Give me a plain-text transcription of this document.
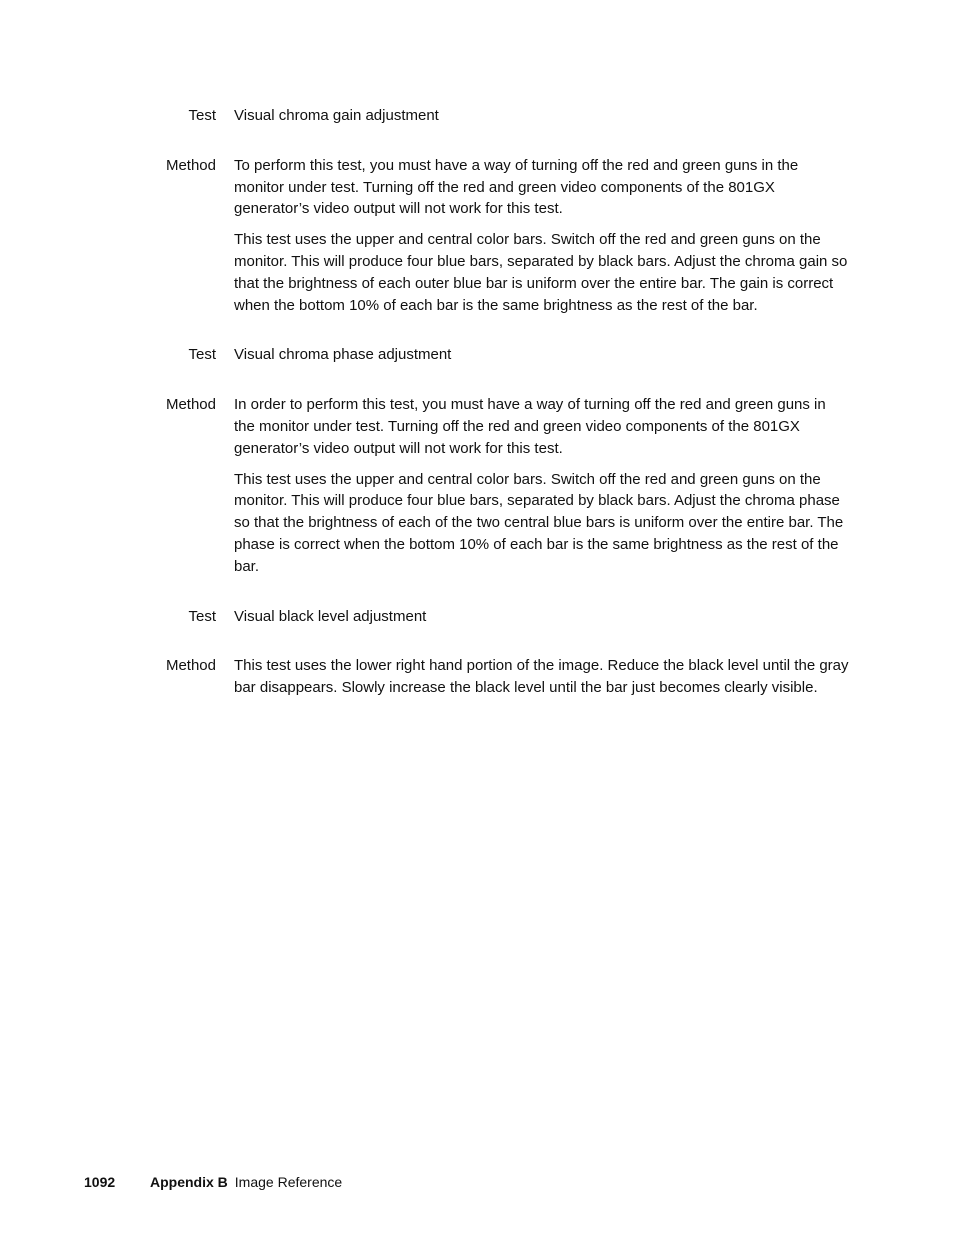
Test	Visual chroma gain adjustment
Method	To perform this test, you must have a way of turning off the red and green guns in the monitor under test. Turning off the red and green video components of the 801GX generator’s video output will not work for this test.

This test uses the upper and central color bars. Switch off the red and green guns on the monitor. This will produce four blue bars, separated by black bars. Adjust the chroma gain so that the brightness of each outer blue bar is uniform over the entire bar. The gain is correct when the bottom 10% of each bar is the same brightness as the rest of the bar.

Test	Visual chroma phase adjustment
Method	In order to perform this test, you must have a way of turning off the red and green guns in the monitor under test. Turning off the red and green video components of the 801GX generator’s video output will not work for this test.

This test uses the upper and central color bars. Switch off the red and green guns on the monitor. This will produce four blue bars, separated by black bars. Adjust the chroma phase so that the brightness of each of the two central blue bars is uniform over the entire bar. The phase is correct when the bottom 10% of each bar is the same brightness as the rest of the bar.

Test	Visual black level adjustment
Method	This test uses the lower right hand portion of the image. Reduce the black level until the gray bar disappears. Slowly increase the black level until the bar just becomes clearly visible.

1092	Appendix B Image Reference
